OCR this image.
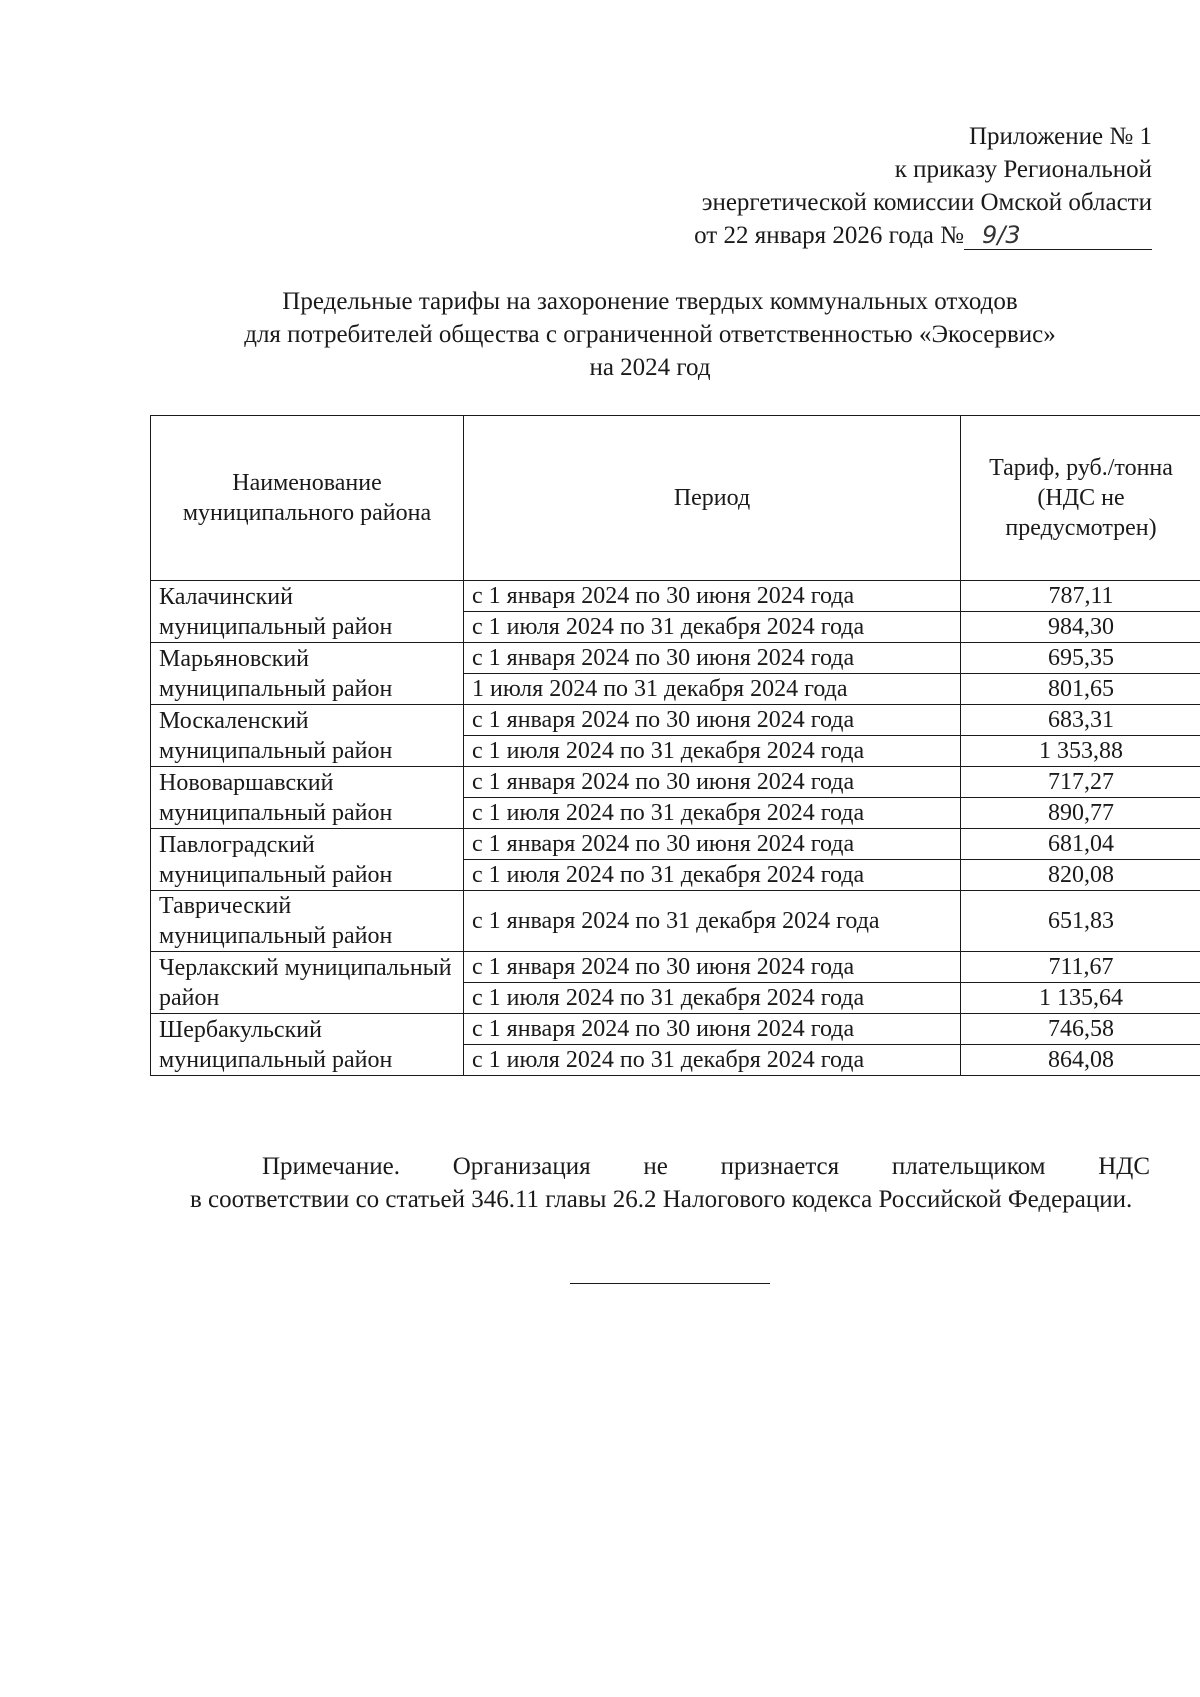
Приложение № 1
к приказу Региональной
энергетической комиссии Омской области
от 22 января 2026 года № 9/3
Предельные тарифы на захоронение твердых коммунальных отходов
для потребителей общества с ограниченной ответственностью «Экосервис»
на 2024 год
Наименование муниципального района	Период	Тариф, руб./тонна (НДС не предусмотрен)
Калачинский муниципальный район	с 1 января 2024 по 30 июня 2024 года	787,11
	с 1 июля 2024 по 31 декабря 2024 года	984,30
Марьяновский муниципальный район	с 1 января 2024 по 30 июня 2024 года	695,35
	1 июля 2024 по 31 декабря 2024 года	801,65
Москаленский муниципальный район	с 1 января 2024 по 30 июня 2024 года	683,31
	с 1 июля 2024 по 31 декабря 2024 года	1 353,88
Нововаршавский муниципальный район	с 1 января 2024 по 30 июня 2024 года	717,27
	с 1 июля 2024 по 31 декабря 2024 года	890,77
Павлоградский муниципальный район	с 1 января 2024 по 30 июня 2024 года	681,04
	с 1 июля 2024 по 31 декабря 2024 года	820,08
Таврический муниципальный район	с 1 января 2024 по 31 декабря 2024 года	651,83
Черлакский муниципальный район	с 1 января 2024 по 30 июня 2024 года	711,67
	с 1 июля 2024 по 31 декабря 2024 года	1 135,64
Шербакульский муниципальный район	с 1 января 2024 по 30 июня 2024 года	746,58
	с 1 июля 2024 по 31 декабря 2024 года	864,08
Примечание. Организация не признается плательщиком НДС
в соответствии со статьей 346.11 главы 26.2 Налогового кодекса Российской Федерации.
